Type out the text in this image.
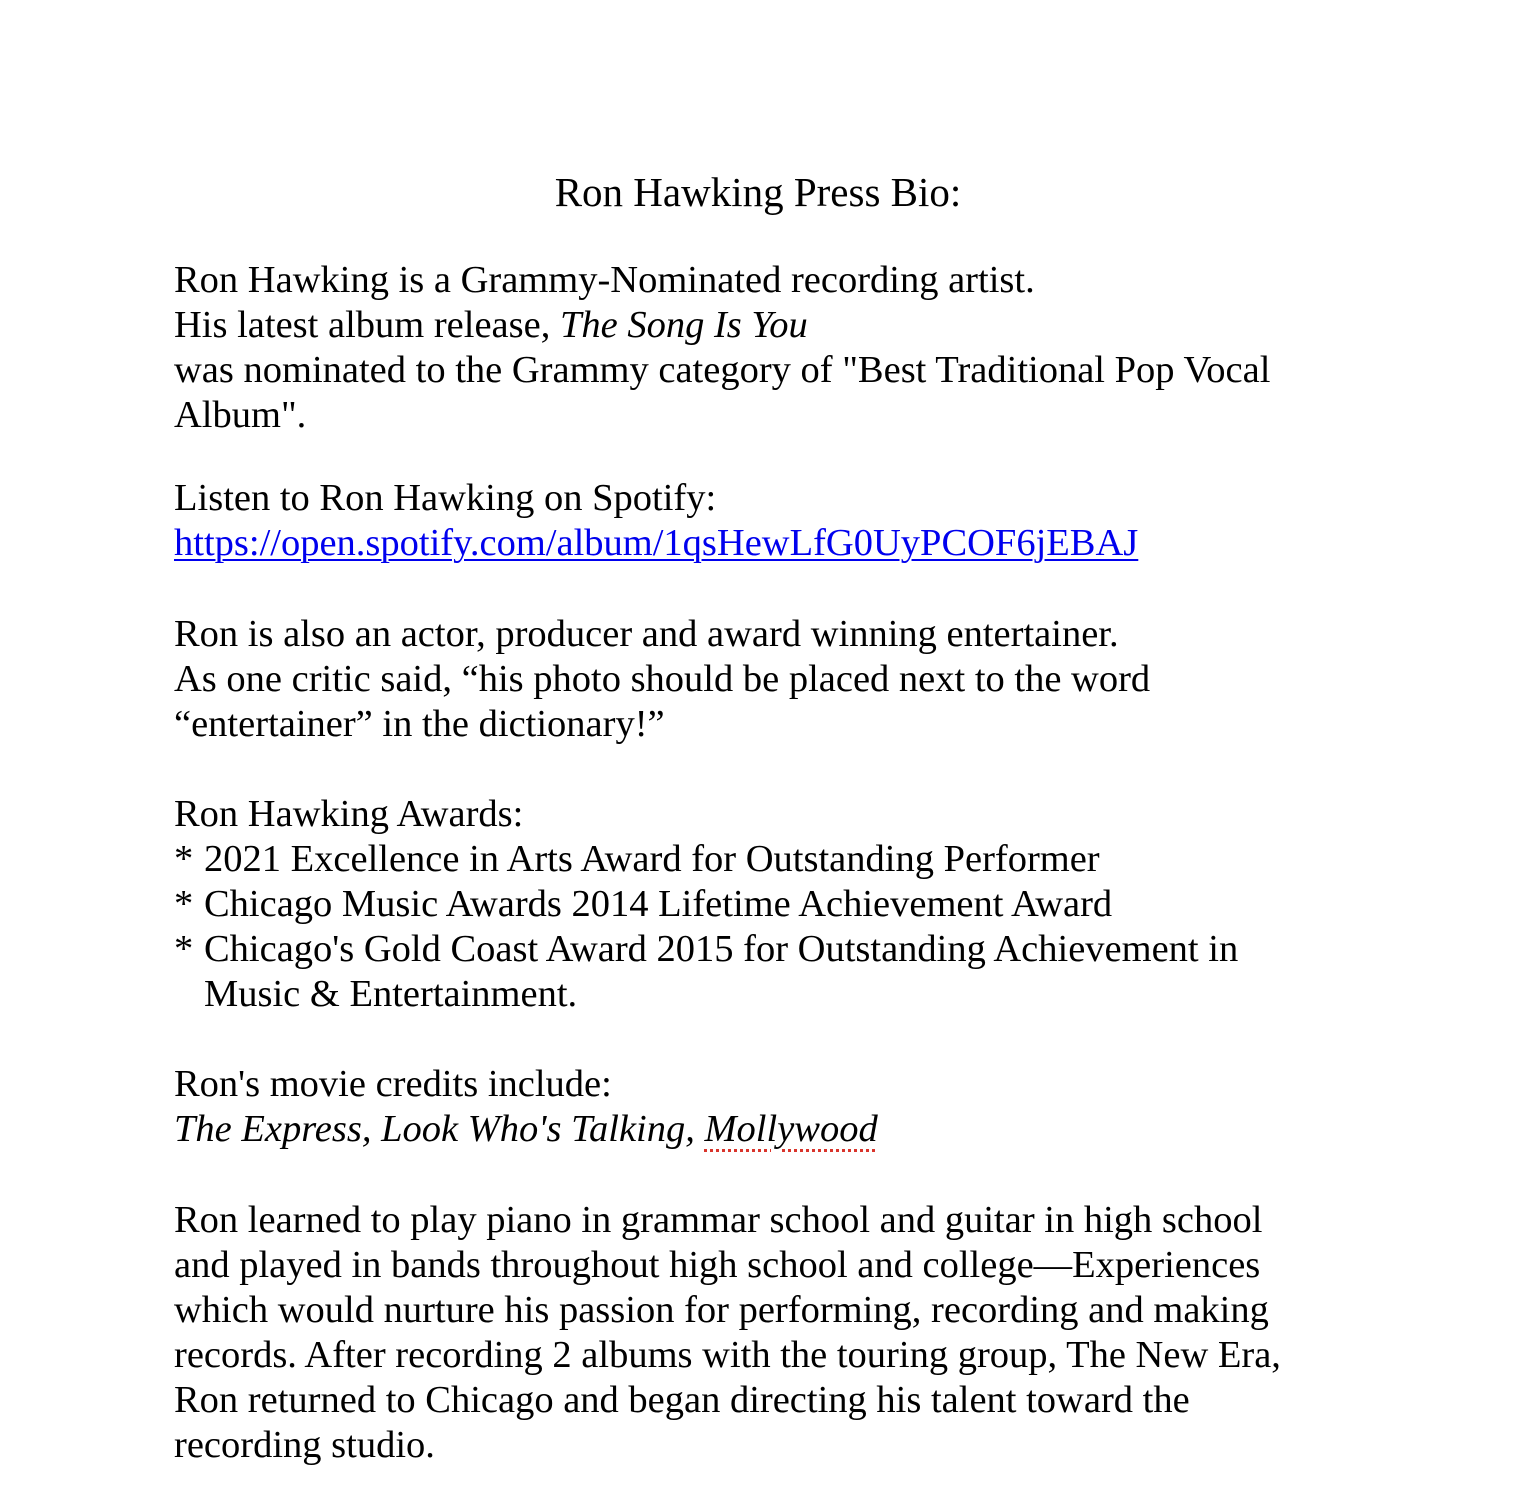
Ron Hawking Press Bio:
Ron Hawking is a Grammy-Nominated recording artist.
His latest album release, The Song Is You
was nominated to the Grammy category of "Best Traditional Pop Vocal
Album".
Listen to Ron Hawking on Spotify:
https://open.spotify.com/album/1qsHewLfG0UyPCOF6jEBAJ
Ron is also an actor, producer and award winning entertainer.
As one critic said, “his photo should be placed next to the word
“entertainer” in the dictionary!”
Ron Hawking Awards:
* 2021 Excellence in Arts Award for Outstanding Performer
* Chicago Music Awards 2014 Lifetime Achievement Award
* Chicago's Gold Coast Award 2015 for Outstanding Achievement in
Music & Entertainment.
Ron's movie credits include:
The Express, Look Who's Talking, Mollywood
Ron learned to play piano in grammar school and guitar in high school
and played in bands throughout high school and college—Experiences
which would nurture his passion for performing, recording and making
records. After recording 2 albums with the touring group, The New Era,
Ron returned to Chicago and began directing his talent toward the
recording studio.
